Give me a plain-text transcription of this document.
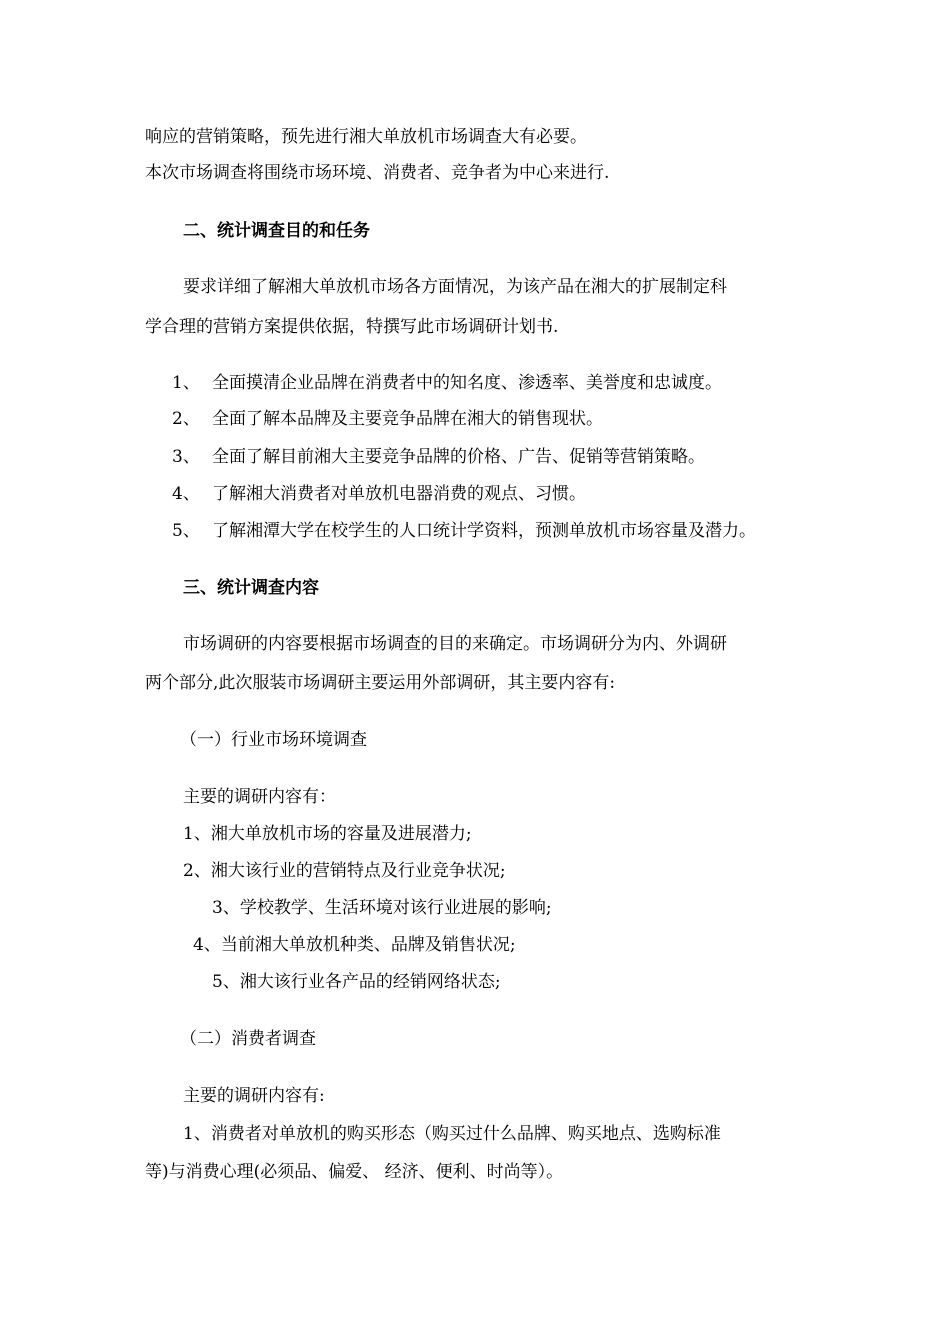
响应的营销策略，预先进行湘大单放机市场调查大有必要。
本次市场调查将围绕市场环境、消费者、竞争者为中心来进行.
二、统计调查目的和任务
要求详细了解湘大单放机市场各方面情况，为该产品在湘大的扩展制定科
学合理的营销方案提供依据，特撰写此市场调研计划书.
1、 全面摸清企业品牌在消费者中的知名度、渗透率、美誉度和忠诚度。
2、 全面了解本品牌及主要竞争品牌在湘大的销售现状。
3、 全面了解目前湘大主要竞争品牌的价格、广告、促销等营销策略。
4、 了解湘大消费者对单放机电器消费的观点、习惯。
5、 了解湘潭大学在校学生的人口统计学资料，预测单放机市场容量及潜力。
三、统计调查内容
市场调研的内容要根据市场调查的目的来确定。市场调研分为内、外调研
两个部分,此次服装市场调研主要运用外部调研，其主要内容有:
（一）行业市场环境调查
主要的调研内容有：
1、湘大单放机市场的容量及进展潜力;
2、湘大该行业的营销特点及行业竞争状况;
3、学校教学、生活环境对该行业进展的影响;
4、当前湘大单放机种类、品牌及销售状况;
5、湘大该行业各产品的经销网络状态;
（二）消费者调查
主要的调研内容有:
1、消费者对单放机的购买形态（购买过什么品牌、购买地点、选购标准
等)与消费心理(必须品、偏爱、 经济、便利、时尚等）。
